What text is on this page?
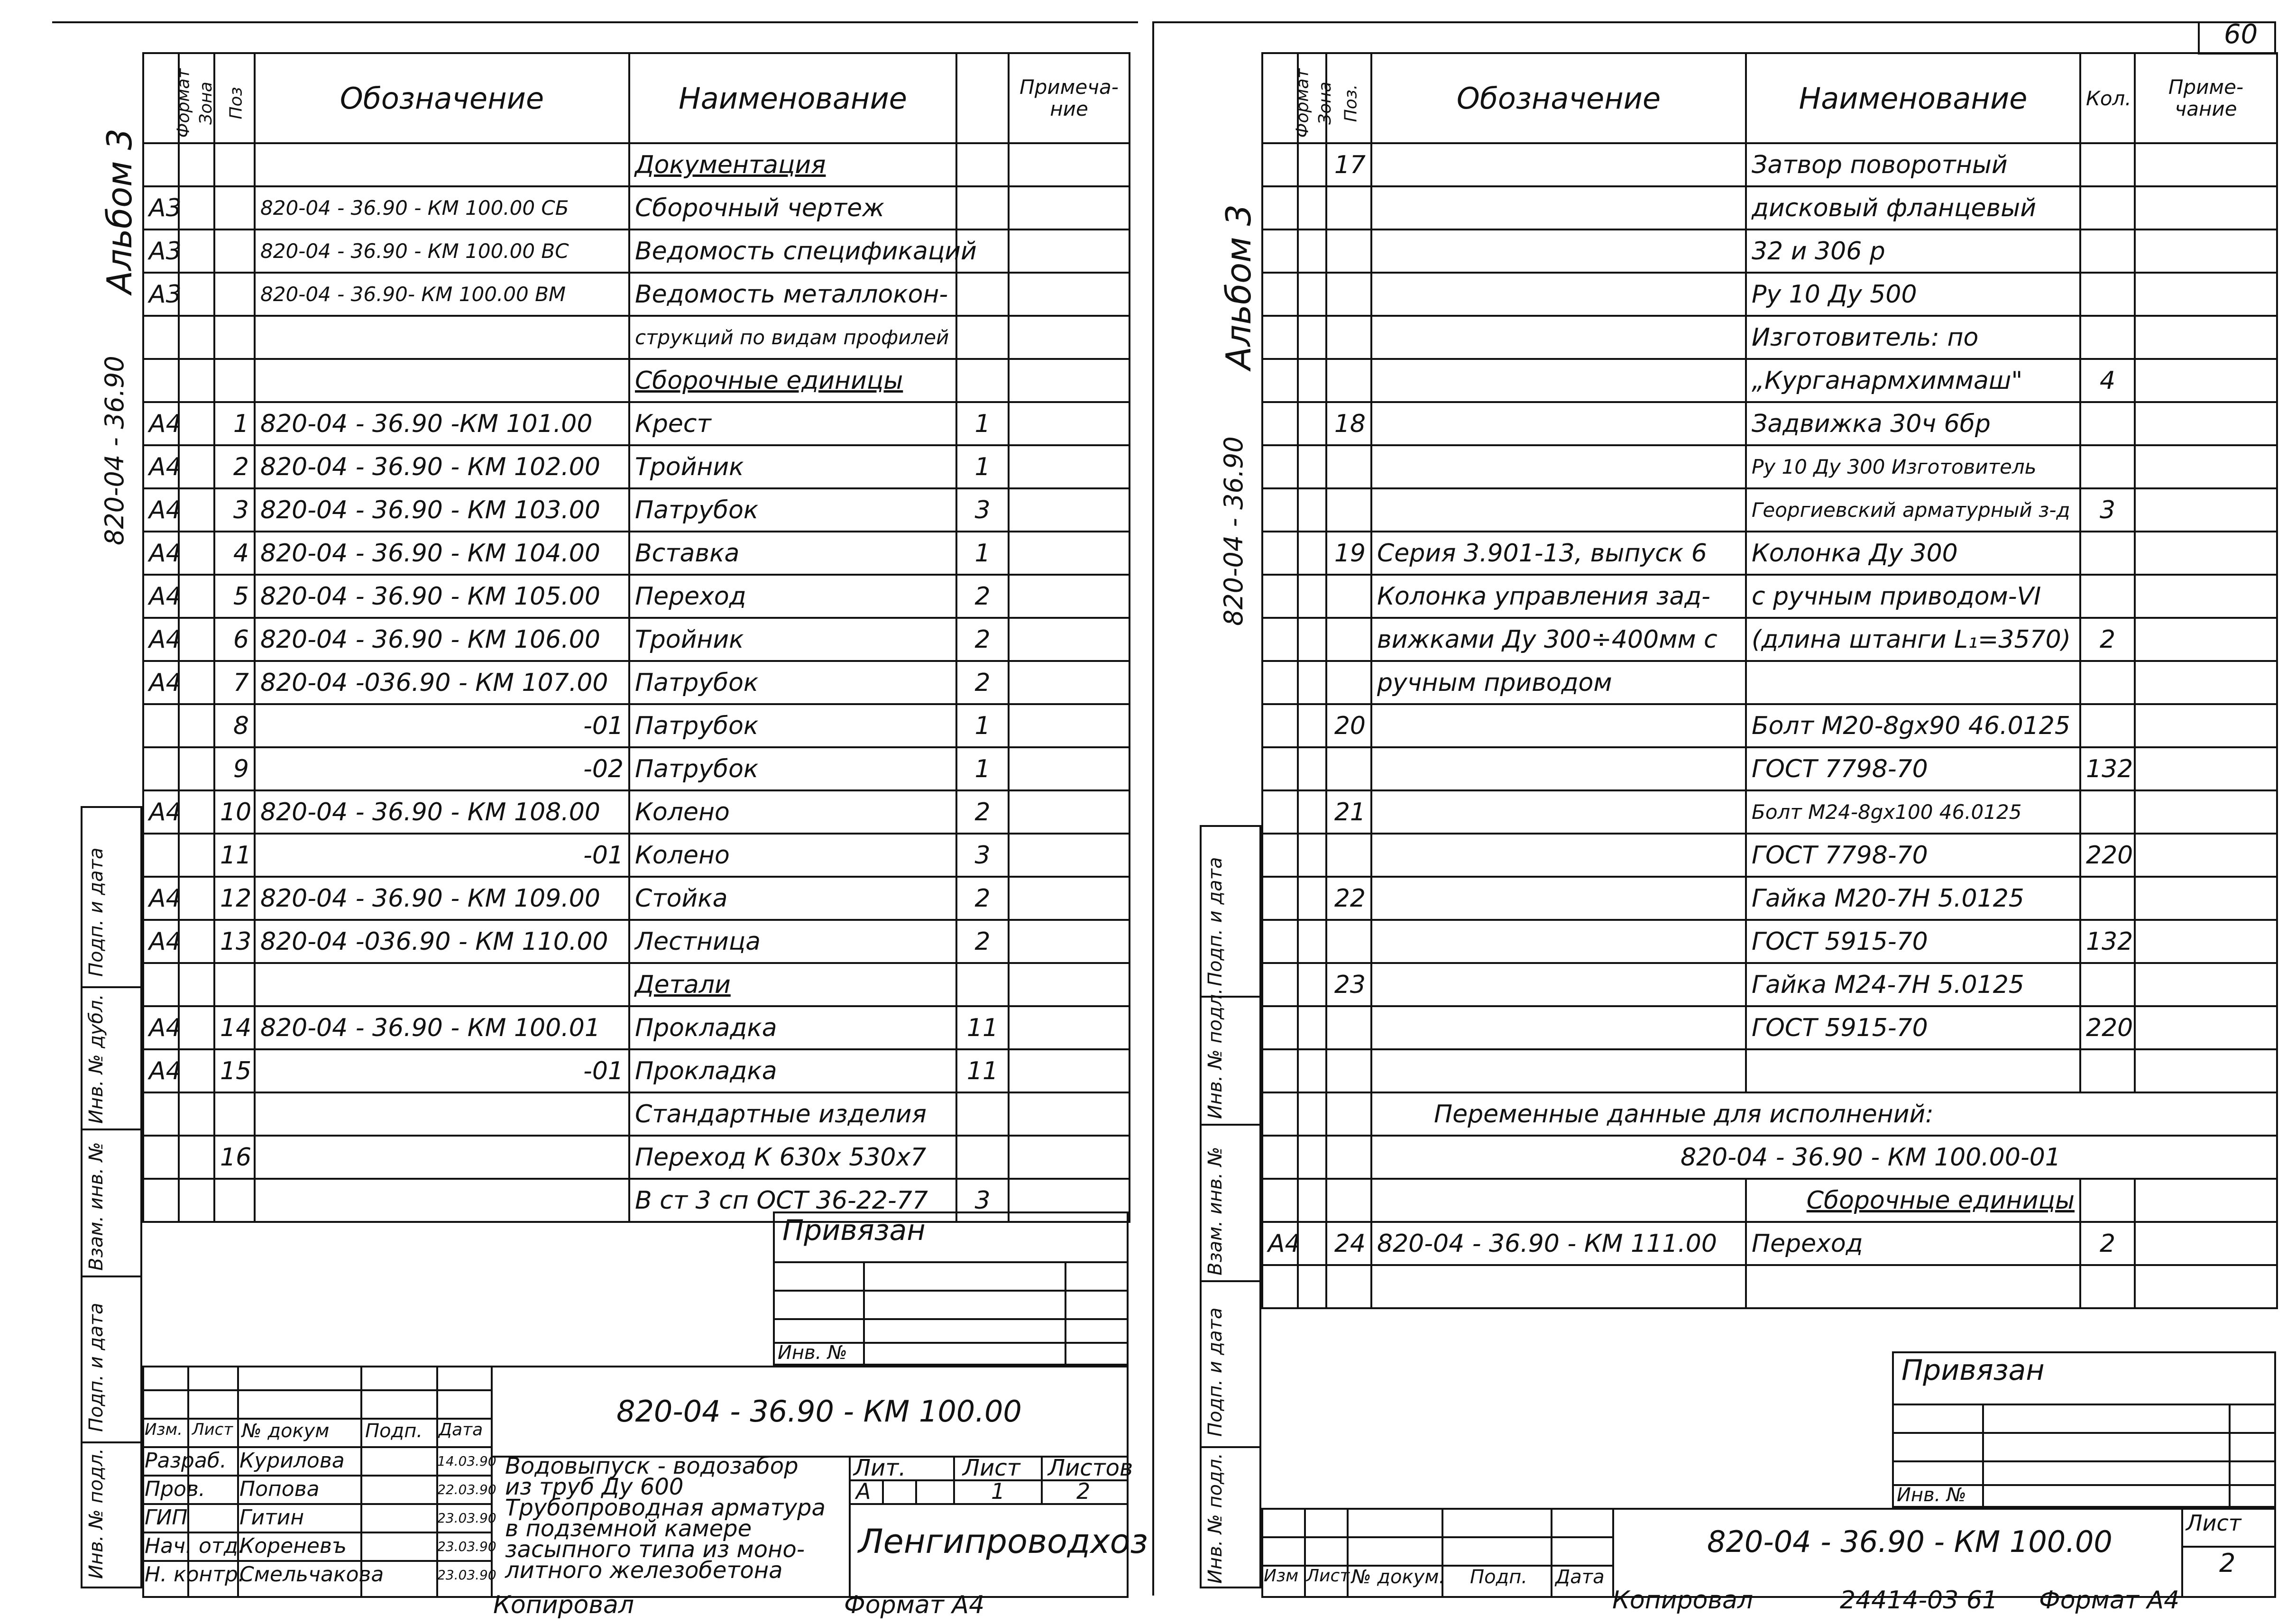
Альбом 3
820-04 - 36.90
Подп. и дата
Инв. № дубл.
Взам. инв. №
Подп. и дата
Инв. № подл.
Формат	Зона	Поз	Обозначение	Наименование		Примеча-ние
				Документация		
А3			820-04 - 36.90 - КМ 100.00 СБ	Сборочный чертеж		
А3			820-04 - 36.90 - КМ 100.00 ВС	Ведомость спецификаций		
А3			820-04 - 36.90- КМ 100.00 ВМ	Ведомость металлокон-		
				струкций по видам профилей		
				Сборочные единицы		
А4		1	820-04 - 36.90 -КМ 101.00	Крест	1	
А4		2	820-04 - 36.90 - КМ 102.00	Тройник	1	
А4		3	820-04 - 36.90 - КМ 103.00	Патрубок	3	
А4		4	820-04 - 36.90 - КМ 104.00	Вставка	1	
А4		5	820-04 - 36.90 - КМ 105.00	Переход	2	
А4		6	820-04 - 36.90 - КМ 106.00	Тройник	2	
А4		7	820-04 -036.90 - КМ 107.00	Патрубок	2	
		8	-01	Патрубок	1	
		9	-02	Патрубок	1	
А4		10	820-04 - 36.90 - КМ 108.00	Колено	2	
		11	-01	Колено	3	
А4		12	820-04 - 36.90 - КМ 109.00	Стойка	2	
А4		13	820-04 -036.90 - КМ 110.00	Лестница	2	
				Детали		
А4		14	820-04 - 36.90 - КМ 100.01	Прокладка	11	
А4		15	-01	Прокладка	11	
				Стандартные изделия		
		16		Переход К 630х 530х7		
				В ст 3 сп ОСТ 36-22-77	3	
Привязан
Инв. №
820-04 - 36.90 - КМ 100.00
Изм. Лист № докум Подп. Дата
Разраб. Курилова	14.03.90
Пров. Попова	22.03.90
ГИП Гитин	23.03.90
Нач. отд.
Кореневъ	23.03.90
Н. контр.
Смельчакова	23.03.90
Водовыпуск - водозабор
из труб Ду 600
Трубопроводная арматура
в подземной камере
засыпного типа из моно-
литного железобетона
Лит. Лист Листов
А	1	2
Ленгипроводхоз
Копировал	Формат А4
60
Альбом 3
820-04 - 36.90
Подп. и дата
Инв. № подл.
Взам. инв. №
Подп. и дата
Инв. № подл.
Формат	Зона	Поз.	Обозначение	Наименование	Кол.	Приме-чание
		17		Затвор поворотный		
				дисковый фланцевый		
				32 и 306 р		
				Ру 10 Ду 500		
				Изготовитель: по		
				„Курганармхиммаш"	4	
		18		Задвижка 30ч 6бр		
				Ру 10 Ду 300 Изготовитель		
				Георгиевский арматурный з-д	3	
		19	Серия 3.901-13, выпуск 6	Колонка Ду 300		
			Колонка управления зад-	с ручным приводом-VI		
			вижками Ду 300÷400мм с	(длина штанги L₁=3570)	2	
			ручным приводом			
		20		Болт М20-8gх90 46.0125		
				ГОСТ 7798-70	132	
		21		Болт М24-8gх100 46.0125		
				ГОСТ 7798-70	220	
		22		Гайка М20-7Н 5.0125		
				ГОСТ 5915-70	132	
		23		Гайка М24-7Н 5.0125		
				ГОСТ 5915-70	220	

			Переменные данные для исполнений:			
			820-04 - 36.90 - КМ 100.00-01			
				Сборочные единицы		
А4		24	820-04 - 36.90 - КМ 111.00	Переход	2	

Привязан
Инв. №
Изм Лист № докум. Подп. Дата
820-04 - 36.90 - КМ 100.00
Лист
2
Копировал	24414-03 61 Формат А4
